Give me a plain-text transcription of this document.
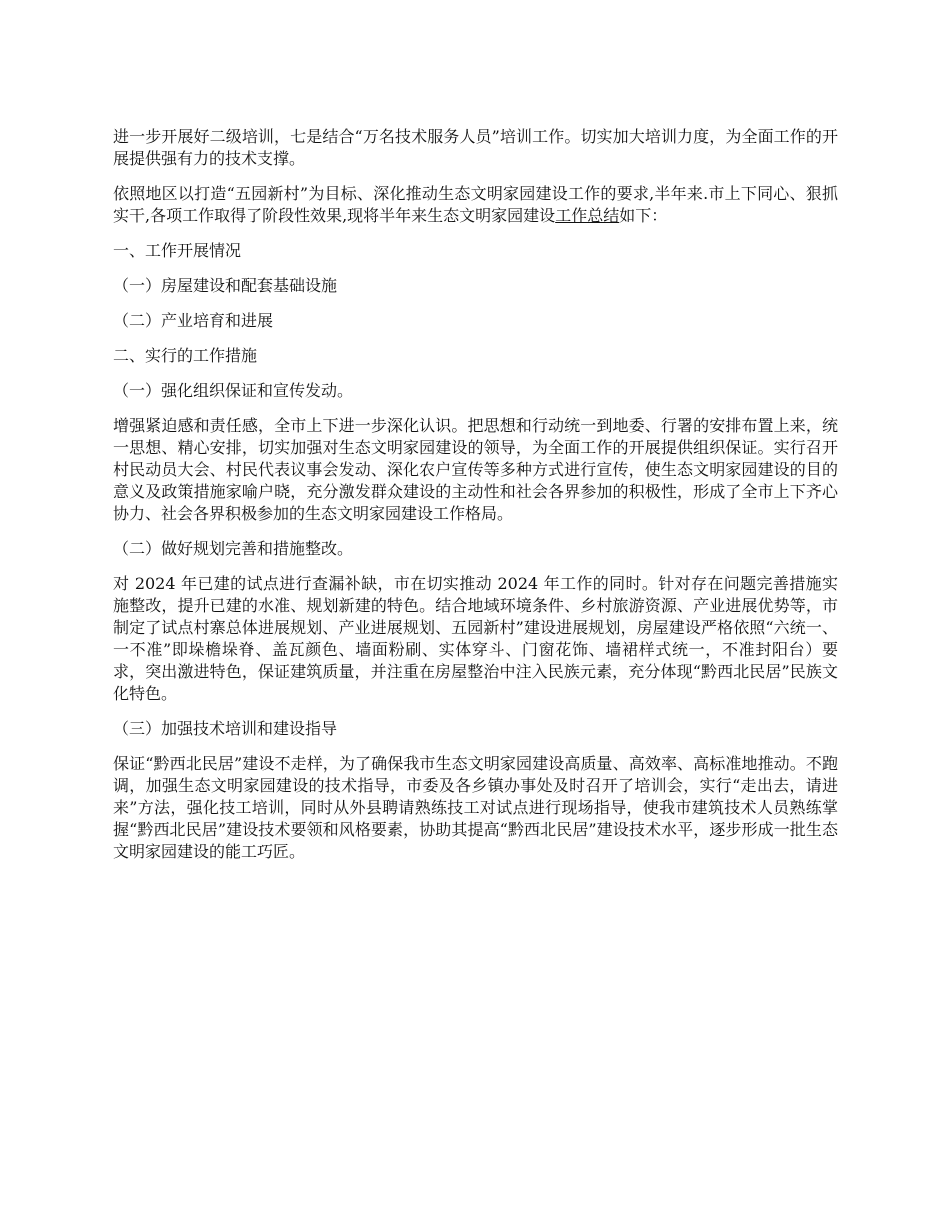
进一步开展好二级培训，七是结合“万名技术服务人员”培训工作。切实加大培训力度，为全面工作的开展提供强有力的技术支撑。

依照地区以打造“五园新村”为目标、深化推动生态文明家园建设工作的要求,半年来.市上下同心、狠抓实干,各项工作取得了阶段性效果,现将半年来生态文明家园建设工作总结如下：

一、工作开展情况

（一）房屋建设和配套基础设施

（二）产业培育和进展

二、实行的工作措施

（一）强化组织保证和宣传发动。

增强紧迫感和责任感，全市上下进一步深化认识。把思想和行动统一到地委、行署的安排布置上来，统一思想、精心安排，切实加强对生态文明家园建设的领导，为全面工作的开展提供组织保证。实行召开村民动员大会、村民代表议事会发动、深化农户宣传等多种方式进行宣传，使生态文明家园建设的目的意义及政策措施家喻户晓，充分激发群众建设的主动性和社会各界参加的积极性，形成了全市上下齐心协力、社会各界积极参加的生态文明家园建设工作格局。

（二）做好规划完善和措施整改。

对 2024 年已建的试点进行查漏补缺，市在切实推动 2024 年工作的同时。针对存在问题完善措施实施整改，提升已建的水准、规划新建的特色。结合地域环境条件、乡村旅游资源、产业进展优势等，市制定了试点村寨总体进展规划、产业进展规划、五园新村”建设进展规划，房屋建设严格依照“六统一、一不准”即垛檐垛脊、盖瓦颜色、墙面粉刷、实体穿斗、门窗花饰、墙裙样式统一，不准封阳台）要求，突出激进特色，保证建筑质量，并注重在房屋整治中注入民族元素，充分体现“黔西北民居”民族文化特色。

（三）加强技术培训和建设指导

保证“黔西北民居”建设不走样，为了确保我市生态文明家园建设高质量、高效率、高标准地推动。不跑调，加强生态文明家园建设的技术指导，市委及各乡镇办事处及时召开了培训会，实行“走出去，请进来”方法，强化技工培训，同时从外县聘请熟练技工对试点进行现场指导，使我市建筑技术人员熟练掌握“黔西北民居”建设技术要领和风格要素，协助其提高“黔西北民居”建设技术水平，逐步形成一批生态文明家园建设的能工巧匠。
